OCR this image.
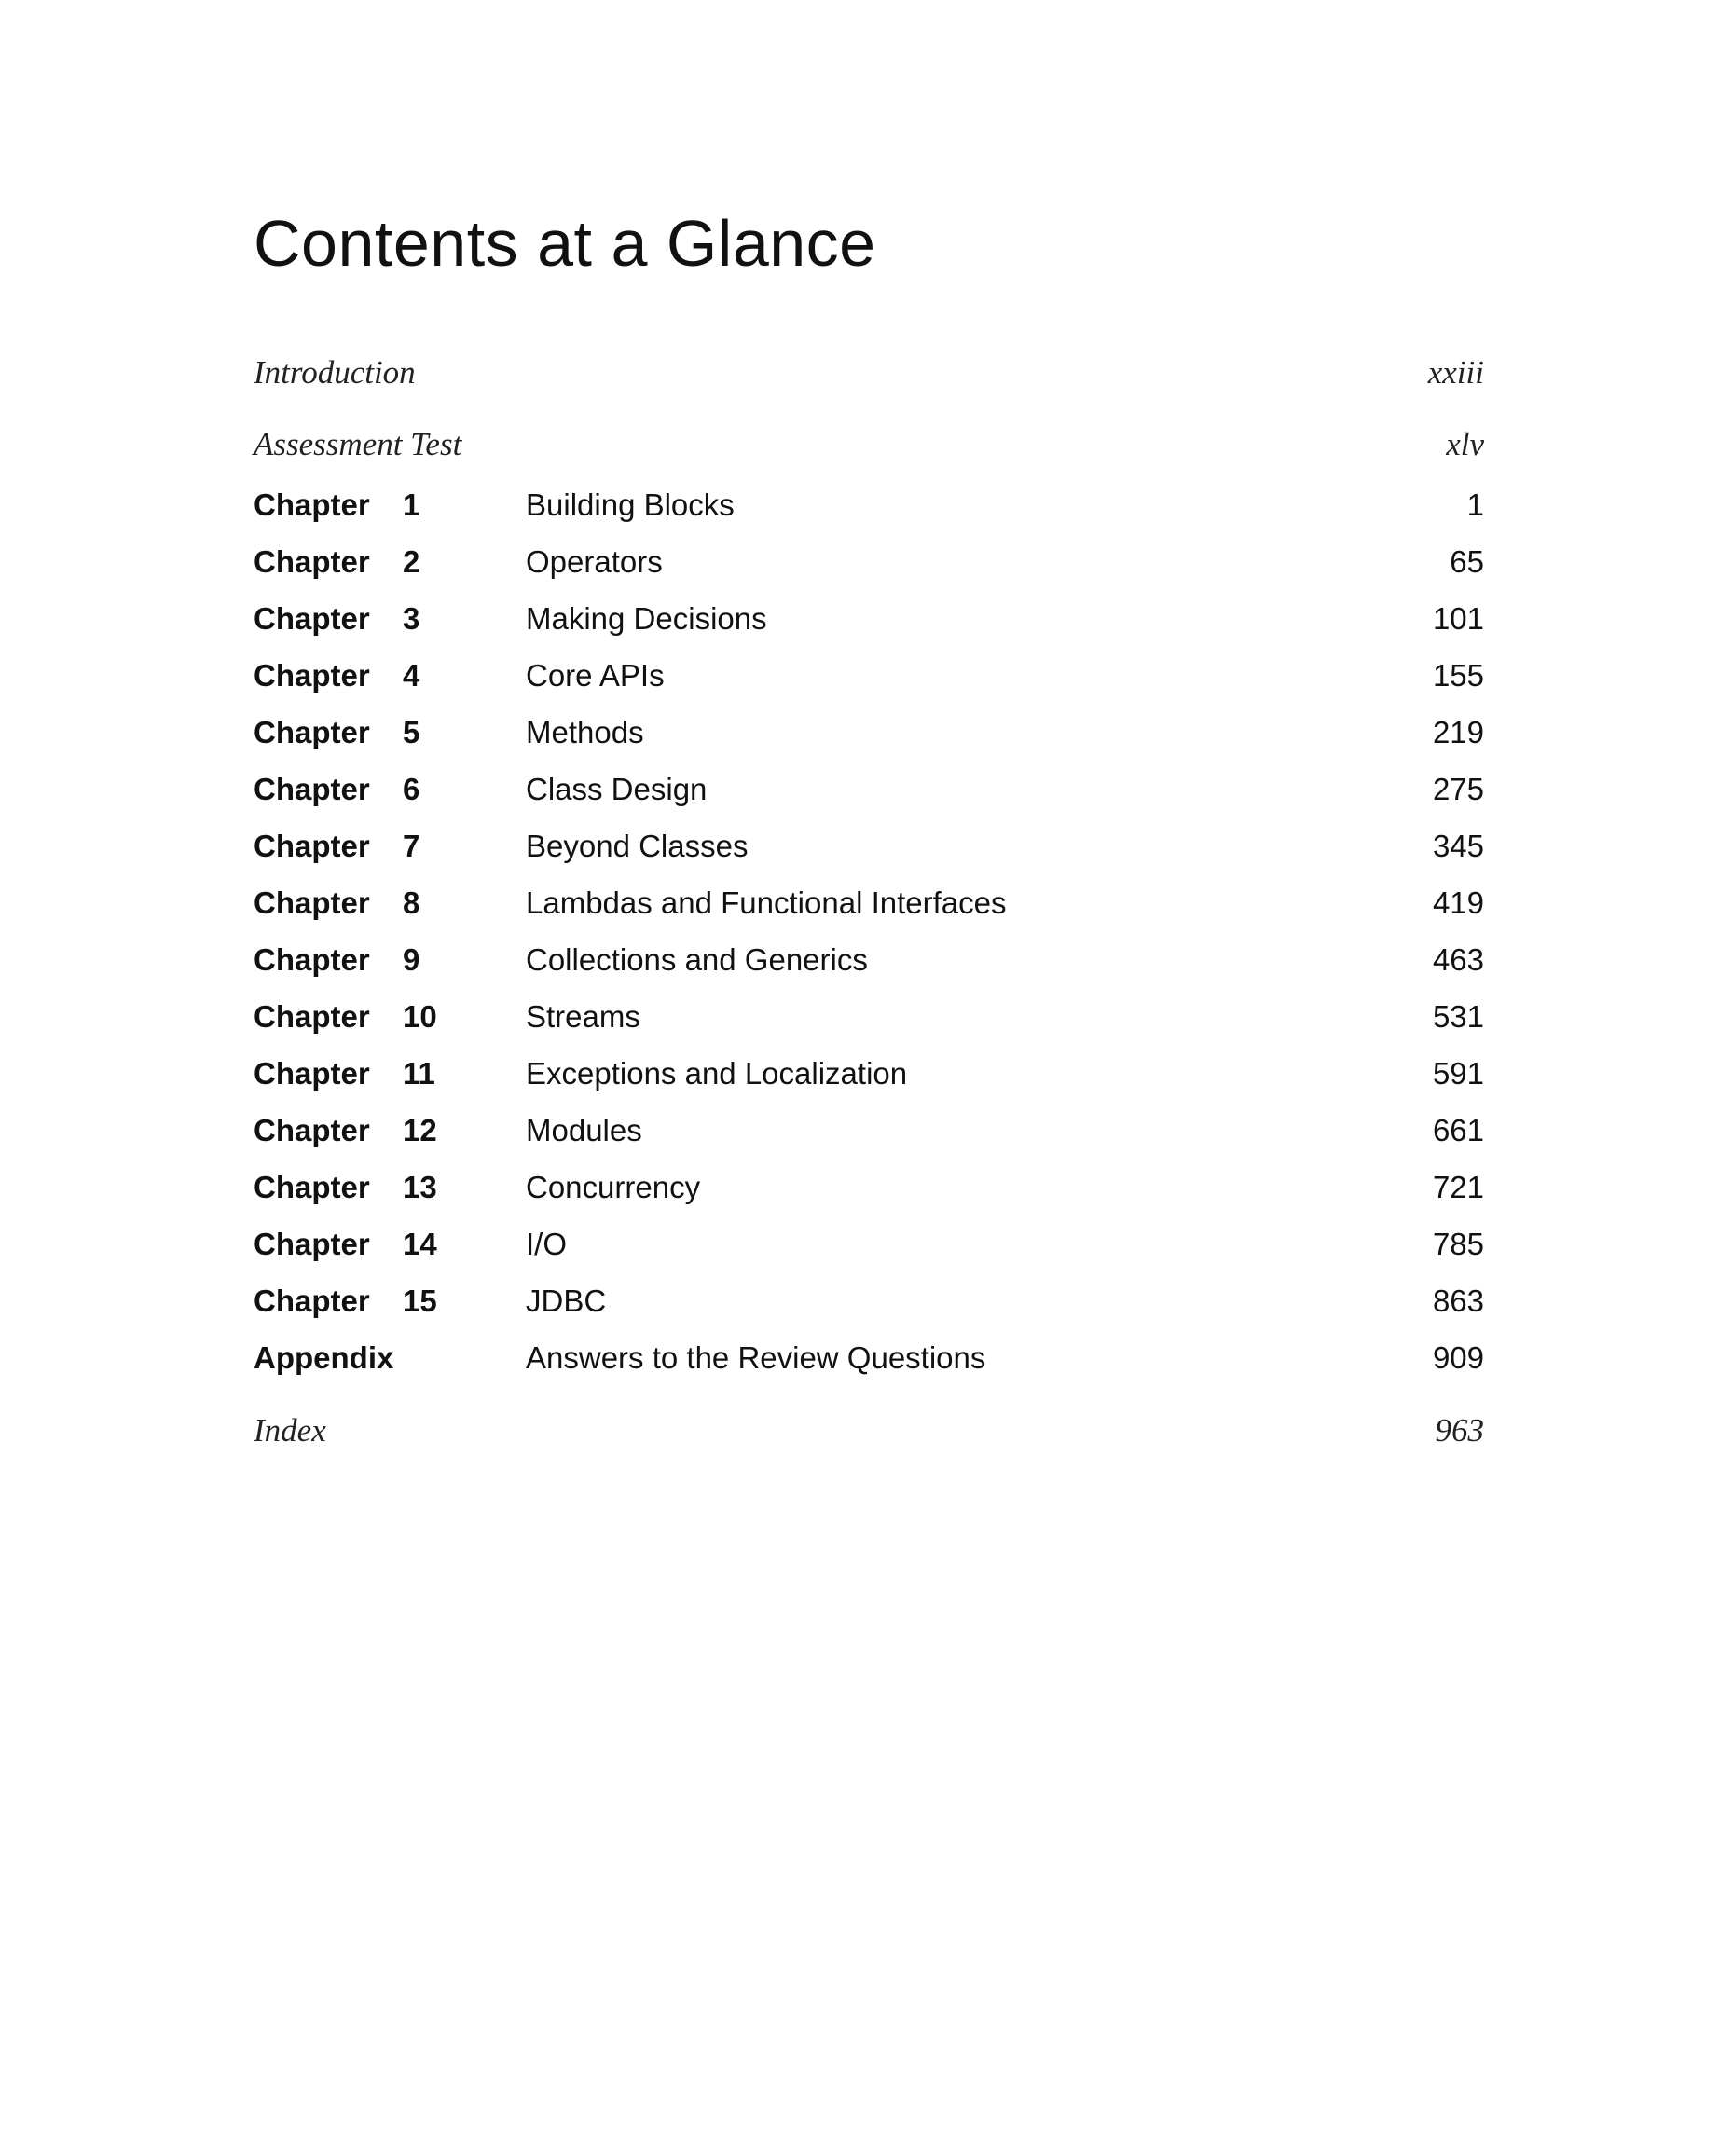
Contents at a Glance
Introduction	xxiii
Assessment Test	xlv
Chapter 1	Building Blocks	1
Chapter 2	Operators	65
Chapter 3	Making Decisions	101
Chapter 4	Core APIs	155
Chapter 5	Methods	219
Chapter 6	Class Design	275
Chapter 7	Beyond Classes	345
Chapter 8	Lambdas and Functional Interfaces	419
Chapter 9	Collections and Generics	463
Chapter 10	Streams	531
Chapter 11	Exceptions and Localization	591
Chapter 12	Modules	661
Chapter 13	Concurrency	721
Chapter 14	I/O	785
Chapter 15	JDBC	863
Appendix	Answers to the Review Questions	909
Index	963
